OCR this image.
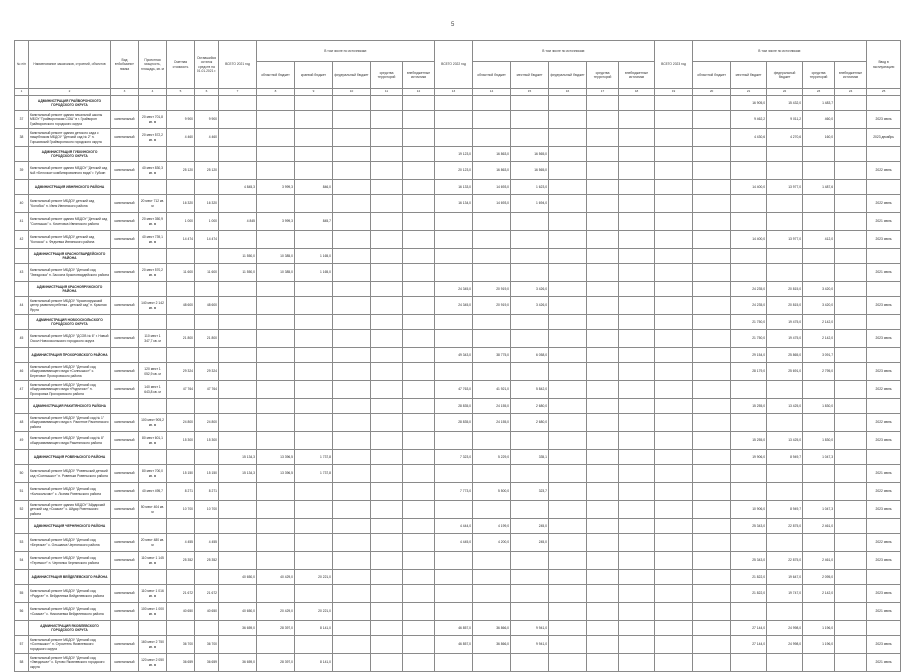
5
№ п/п	Наименование заказчиков, строений, объектов	Вид в«йобымни» пимка	Проектная мощность, площадь, кв. м	Сметная стоимость	Оставшийся остаток средств на 01.01.2021 г.	ВСЕГО 2021 год	В том числе по источникам:					ВСЕГО 2022 год	В том числе по источникам:					ВСЕГО 2023 год	В том числе по источникам:					Ввод в эксплуатацию
							областной бюджет	краевой бюджет	федеральный бюджет	средства территорий	внебюджетные источники		областной бюджет	местный бюджет	федеральный бюджет	средства территорий	внебюджетные источники		областной бюджет	местный бюджет	федеральный бюджет	средства территорий	внебюджетные источники	
1	2	3	4	5	6	7	8	9	10	11	12	13	14	15	16	17	18	19	20	21	22	23	24	25
	АДМИНИСТРАЦИЯ ГРАЙВОРОНСКОГО ГОРОДСКОГО ОКРУГА																			16 905,0	15 432,0	1 483,7		
37	Капитальный ремонт здания начальной школы МБОУ "Грайворонская СОШ" в г. Грайворон Грайворонского городского округа	капитальный	20 мест 701,8 кв. м	9 900	9 900															9 462,2	9 011,2	460,0		2023 июль
38	Капитальный ремонт здания детского сада с пищеблоком МБДОУ "Детский сад № 2" п. Горьковский Грайворонского городского округа	капитальный	20 мест 572,2 кв. м	4 460	4 460															4 430,6	4 270,6	160,0		2023 декабрь
	АДМИНИСТРАЦИЯ ГУБКИНСКОГО ГОРОДСКОГО ОКРУГА											19 123,0	16 863,0	16 565,0										
39	Капитальный ремонт здания МБДОУ "Детский сад №8 «Белочка» комбинированного вида" г. Губкин	капитальный	40 мест 830,3 кв. м	25 120	25 120							20 123,0	16 863,0	16 565,0										2022 июнь
	АДМИНИСТРАЦИЯ ИВНЯНСКОГО РАЙОНА					4 845,3	3 999,3	846,0				16 133,0	14 693,0	1 623,0						14 400,0	13 977,0	1 487,6		
40	Капитальный ремонт МБДОУ детский сад "Колобок" п. Ивня Ивнянского района	капитальный	20 мест 712 кв. м	16 320	16 320							16 134,0	14 693,0	1 694,0										2022 июнь
41	Капитальный ремонт здания МБДОУ "Детский сад "Солнышко" с. Кочетовка Ивнянского района	капитальный	20 мест 350,9 кв. м	1 000	1 000	4 845	3 999,3	845,7																2021 июль
42	Капитальный ремонт МБДОУ детский сад "Колосок" с. Федчевка Ивнянского района	капитальный	40 мест 739,1 кв. м	14 474	14 474															14 400,0	13 977,0	412,0		2023 июль
	АДМИНИСТРАЦИЯ КРАСНОГВАРДЕЙСКОГО РАЙОНА					11 550,0	10 385,0	1 165,0																
43	Капитальный ремонт МБДОУ "Детский сад "Звездочка" п. Засосна Красногвардейского района	капитальный	20 мест 570,2 кв. м	11 600	11 600	11 550,0	10 385,0	1 165,0																2021 июль
	АДМИНИСТРАЦИЯ КРАСНОЯРУЖСКОГО РАЙОНА											24 345,0	20 919,0	3 426,0						24 235,0	20 815,0	3 420,0		
44	Капитальный ремонт МБДОУ "Краснояружский центр развития ребенка - детский сад" п. Красная Яруга	капитальный	140 мест 2 142 кв. м	48 600	48 600							24 345,0	20 919,0	3 426,0						24 235,0	20 815,0	3 420,0		2023 июль
	АДМИНИСТРАЦИЯ НОВООСКОЛЬСКОГО ГОРОДСКОГО ОКРУГА																			21 750,0	19 475,0	2 142,0		
45	Капитальный ремонт МБДОУ "ДСОВ № 6" г. Новый Оскол Новооскольского городского округа	капитальный	110 мест 1 347,7 кв. м	21 800	21 800															21 750,0	19 475,0	2 142,0		2023 июль
	АДМИНИСТРАЦИЯ ПРОХОРОВСКОГО РАЙОНА											49 343,0	38 775,0	6 058,0						29 154,0	25 865,0	3 091,7		
46	Капитальный ремонт МБДОУ "Детский сад общеразвивающего вида «Солнышко»" с. Береговое Прохоровского района	капитальный	120 мест 1 052,9 кв. м	29 324	29 324															28 179,0	25 691,0	2 795,0		2023 июль
47	Капитальный ремонт МБДОУ "Детский сад общеразвивающего вида «Родничок»" п. Прохоровка Прохоровского района	капитальный	140 мест 1 643,8 кв. м	47 764	47 764							47 763,0	41 921,0	5 842,0										2022 июнь
	АДМИНИСТРАЦИЯ РАКИТЯНСКОГО РАЙОНА											28 835,0	24 155,0	2 680,0						15 255,0	13 425,0	1 830,0		
48	Капитальный ремонт МБДОУ "Детский сад № 1" общеразвивающего вида п. Ракитное Ракитянского района	капитальный	100 мест 905,2 кв. м	24 800	24 800							28 835,0	24 155,0	2 680,0										2022 июнь
49	Капитальный ремонт МБДОУ "Детский сад № 8" общеразвивающего вида Ракитянского района	капитальный	80 мест 601,1 кв. м	15 300	15 300															15 255,0	13 425,0	1 830,0		2023 июль
	АДМИНИСТРАЦИЯ РОВЕНЬСКОГО РАЙОНА					15 134,3	13 396,5	1 737,8				7 323,0	5 229,0	335,1						19 906,0	8 949,7	1 047,3		
50	Капитальный ремонт МБДОУ "Ровеньский детский сад «Солнышко»" п. Ровеньки Ровеньского района	капитальный	80 мест 700,0 кв. м	15 150	15 150	15 134,3	13 396,5	1 737,8																2021 июль
51	Капитальный ремонт МБДОУ "Детский сад «Колокольчик»" с. Лозная Ровеньского района	капитальный	40 мест 495,7	8 271	8 271							7 773,0	5 500,0	323,7										2022 июль
52	Капитальный ремонт здания МБДОУ "Айдарский детский сад «Сказка»" с. Айдар Ровеньского района	капитальный	50 мест 404 кв. м	10 700	10 700															10 906,0	8 949,7	1 047,3		2023 июль
	АДМИНИСТРАЦИЯ ЧЕРНЯНСКОГО РАЙОНА											4 444,0	4 199,0	245,0						25 343,0	22 875,0	2 461,0		
53	Капитальный ремонт МБДОУ "Детский сад «Березка»" с. Ольшанка Чернянского района	капитальный	20 мест 480 кв. м	4 455	4 455							4 445,0	4 200,0	245,0										2022 июль
54	Капитальный ремонт МБДОУ "Детский сад «Теремок»" п. Чернянка Чернянского района	капитальный	110 мест 1 145 кв. м	25 352	25 352															25 343,0	22 875,0	2 461,0		2023 июль
	АДМИНИСТРАЦИЯ ВЕЙДЕЛЕВСКОГО РАЙОНА					40 650,0	40 429,0	20 221,0												21 822,0	19 647,0	2 095,0		
55	Капитальный ремонт МБДОУ "Детский сад «Радуга»" п. Вейделевка Вейделевского района	капитальный	110 мест 1 016 кв. м	21 672	21 672															21 822,0	19 747,0	2 142,0		2023 июль
56	Капитальный ремонт МБДОУ "Детский сад «Сказка»" с. Николаевка Вейделевского района	капитальный	100 мест 1 000 кв. м	40 650	40 650	40 650,0	20 429,0	20 221,0																2021 июль
	АДМИНИСТРАЦИЯ ЯКОВЛЕВСКОГО ГОРОДСКОГО ОКРУГА					36 659,0	28 397,0	8 141,0				46 857,0	36 866,0	9 941,0						27 144,0	24 998,0	1 196,0		
57	Капитальный ремонт МБДОУ "Детский сад «Солнышко»" п. Строитель Яковлевского городского округа	капитальный	160 мест 2 750 кв. м	36 700	36 700							46 857,0	36 866,0	9 941,0						27 144,0	24 998,0	1 196,0		2023 июль
58	Капитальный ремонт МБДОУ "Детский сад «Звездочка»" с. Бутово Яковлевского городского округа	капитальный	120 мест 2 050 кв. м	36 659	36 659	36 659,0	28 397,0	8 141,0																2021 июль
